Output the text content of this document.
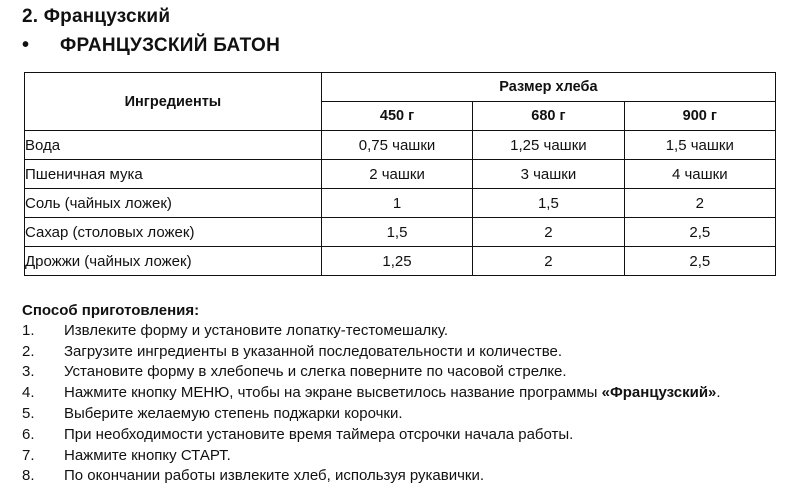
2. Французский
•	ФРАНЦУЗСКИЙ БАТОН
Ингредиенты	Размер хлеба		
	450 г	680 г	900 г
Вода	0,75 чашки	1,25 чашки	1,5 чашки
Пшеничная мука	2 чашки	3 чашки	4 чашки
Соль (чайных ложек)	1	1,5	2
Сахар (столовых ложек)	1,5	2	2,5
Дрожжи (чайных ложек)	1,25	2	2,5
Способ приготовления:
1.	Извлеките форму и установите лопатку-тестомешалку.
2.	Загрузите ингредиенты в указанной последовательности и количестве.
3.	Установите форму в хлебопечь и слегка поверните по часовой стрелке.
4.	Нажмите кнопку МЕНЮ, чтобы на экране высветилось название программы «Французский».
5.	Выберите желаемую степень поджарки корочки.
6.	При необходимости установите время таймера отсрочки начала работы.
7.	Нажмите кнопку СТАРТ.
8.	По окончании работы извлеките хлеб, используя рукавички.
